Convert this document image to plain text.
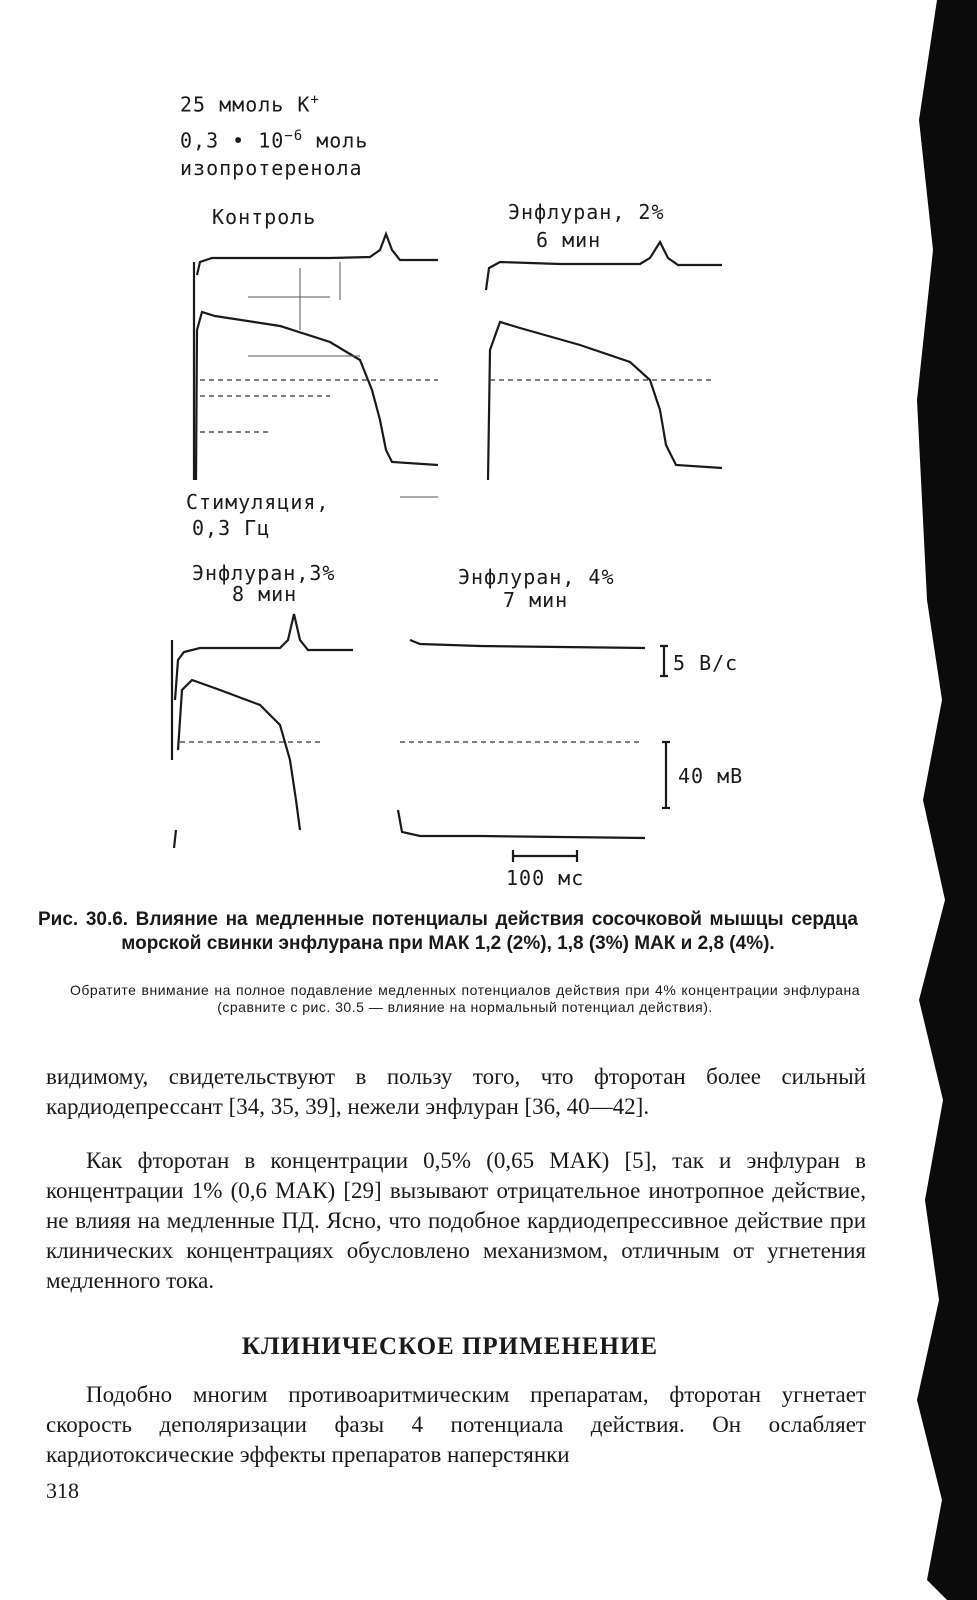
25 ммоль K+
0,3 • $10^{-6}$ моль
изопротеренола
Контроль	Энфлуран, 2%
6 мин
Стимуляция,
0,3 Гц
Энфлуран,3%
8 мин
Энфлуран, 4%
7 мин
5 В/с
40 мВ
100 мс
Рис. 30.6. Влияние на медленные потенциалы действия сосочковой мышцы сердца морской свинки энфлурана при МАК 1,2 (2%), 1,8 (3%) МАК и 2,8 (4%).
Обратите внимание на полное подавление медленных потенциалов действия при 4% концентрации энфлурана (сравните с рис. 30.5 — влияние на нормальный потенциал действия).

видимому, свидетельствуют в пользу того, что фторотан более сильный кардиодепрессант [34, 35, 39], нежели энфлуран [36, 40—42].

Как фторотан в концентрации 0,5% (0,65 МАК) [5], так и энфлуран в концентрации 1% (0,6 МАК) [29] вызывают отрицательное инотропное действие, не влияя на медленные ПД. Ясно, что подобное кардиодепрессивное действие при клинических концентрациях обусловлено механизмом, отличным от угнетения медленного тока.

КЛИНИЧЕСКОЕ ПРИМЕНЕНИЕ

Подобно многим противоаритмическим препаратам, фторотан угнетает скорость деполяризации фазы 4 потенциала действия. Он ослабляет кардиотоксические эффекты препаратов наперстянки

318
